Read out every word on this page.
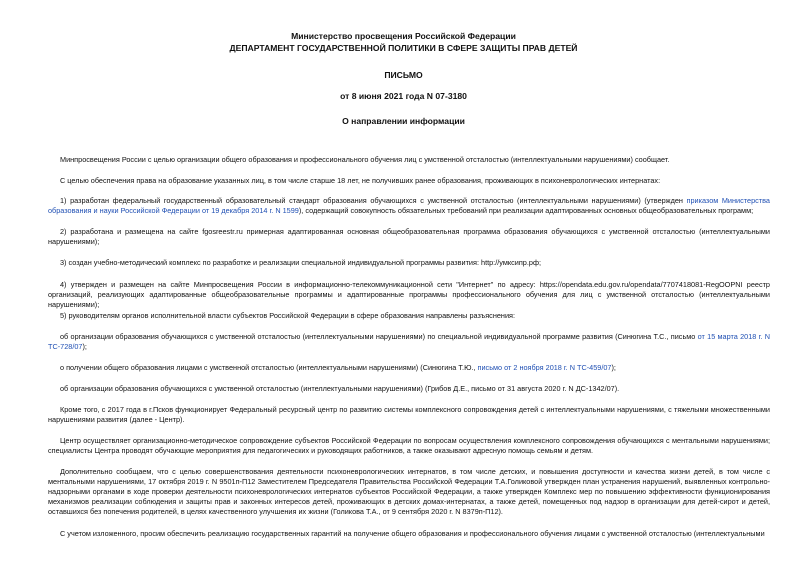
Министерство просвещения Российской Федерации
ДЕПАРТАМЕНТ ГОСУДАРСТВЕННОЙ ПОЛИТИКИ В СФЕРЕ ЗАЩИТЫ ПРАВ ДЕТЕЙ
ПИСЬМО
от 8 июня 2021 года N 07-3180
О направлении информации
Минпросвещения России с целью организации общего образования и профессионального обучения лиц с умственной отсталостью (интеллектуальными нарушениями) сообщает.
С целью обеспечения права на образование указанных лиц, в том числе старше 18 лет, не получивших ранее образования, проживающих в психоневрологических интернатах:
1) разработан федеральный государственный образовательный стандарт образования обучающихся с умственной отсталостью (интеллектуальными нарушениями) (утвержден приказом Министерства образования и науки Российской Федерации от 19 декабря 2014 г. N 1599), содержащий совокупность обязательных требований при реализации адаптированных основных общеобразовательных программ;
2) разработана и размещена на сайте fgosreestr.ru примерная адаптированная основная общеобразовательная программа образования обучающихся с умственной отсталостью (интеллектуальными нарушениями);
3) создан учебно-методический комплекс по разработке и реализации специальной индивидуальной программы развития: http://умксипр.рф;
4) утвержден и размещен на сайте Минпросвещения России в информационно-телекоммуникационной сети "Интернет" по адресу: https://opendata.edu.gov.ru/opendata/7707418081-RegOOPNI реестр организаций, реализующих адаптированные общеобразовательные программы и адаптированные программы профессионального обучения для лиц с умственной отсталостью (интеллектуальными нарушениями);
5) руководителям органов исполнительной власти субъектов Российской Федерации в сфере образования направлены разъяснения:
об организации образования обучающихся с умственной отсталостью (интеллектуальными нарушениями) по специальной индивидуальной программе развития (Синюгина Т.С., письмо от 15 марта 2018 г. N ТС-728/07);
о получении общего образования лицами с умственной отсталостью (интеллектуальными нарушениями) (Синюгина Т.Ю., письмо от 2 ноября 2018 г. N ТС-459/07);
об организации образования обучающихся с умственной отсталостью (интеллектуальными нарушениями) (Грибов Д.Е., письмо от 31 августа 2020 г. N ДС-1342/07).
Кроме того, с 2017 года в г.Псков функционирует Федеральный ресурсный центр по развитию системы комплексного сопровождения детей с интеллектуальными нарушениями, с тяжелыми множественными нарушениями развития (далее - Центр).
Центр осуществляет организационно-методическое сопровождение субъектов Российской Федерации по вопросам осуществления комплексного сопровождения обучающихся с ментальными нарушениями; специалисты Центра проводят обучающие мероприятия для педагогических и руководящих работников, а также оказывают адресную помощь семьям и детям.
Дополнительно сообщаем, что с целью совершенствования деятельности психоневрологических интернатов, в том числе детских, и повышения доступности и качества жизни детей, в том числе с ментальными нарушениями, 17 октября 2019 г. N 9501п-П12 Заместителем Председателя Правительства Российской Федерации Т.А.Голиковой утвержден план устранения нарушений, выявленных контрольно-надзорными органами в ходе проверки деятельности психоневрологических интернатов субъектов Российской Федерации, а также утвержден Комплекс мер по повышению эффективности функционирования механизмов реализации соблюдения и защиты прав и законных интересов детей, проживающих в детских домах-интернатах, а также детей, помещенных под надзор в организации для детей-сирот и детей, оставшихся без попечения родителей, в целях качественного улучшения их жизни (Голикова Т.А., от 9 сентября 2020 г. N 8379п-П12).
С учетом изложенного, просим обеспечить реализацию государственных гарантий на получение общего образования и профессионального обучения лицами с умственной отсталостью (интеллектуальными
